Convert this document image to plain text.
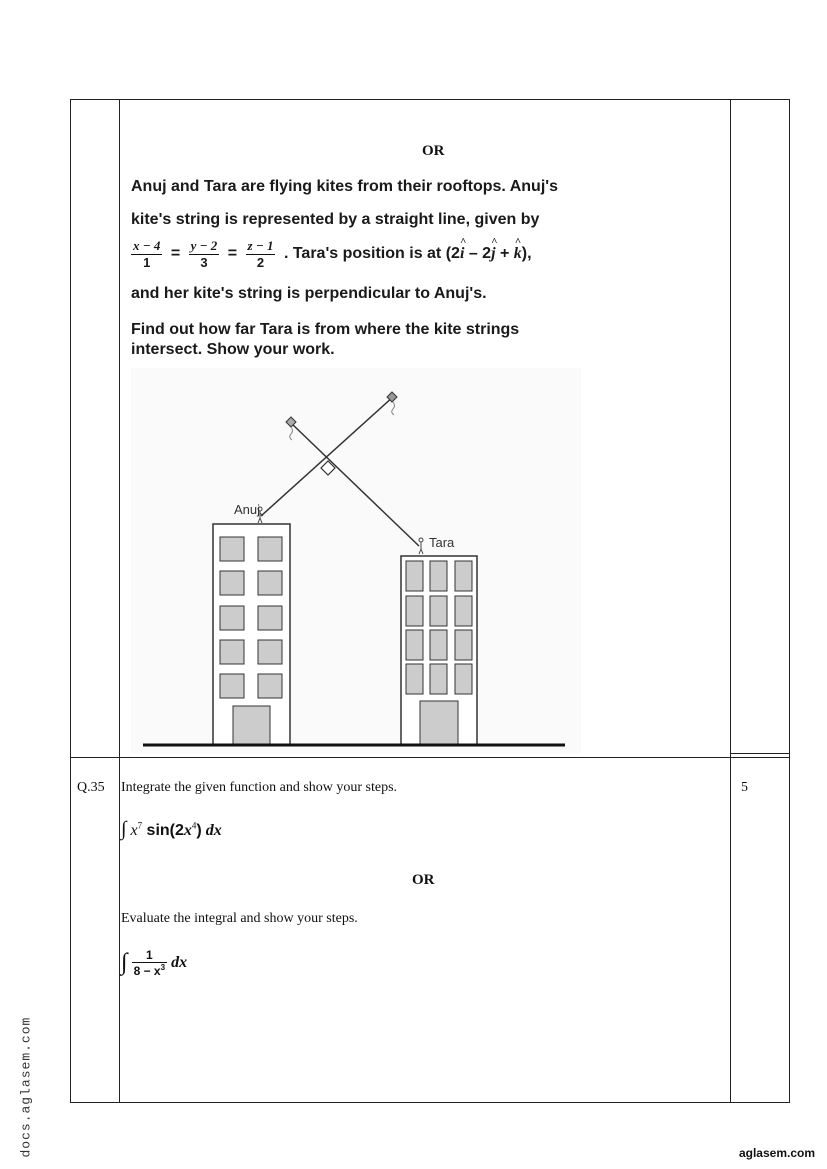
OR
Anuj and Tara are flying kites from their rooftops. Anuj's
kite's string is represented by a straight line, given by
$\frac{x - 4}{1} = \frac{y - 2}{3} = \frac{z - 1}{2}$ . Tara's position is at (2i
^
– 2j
^
+ k
^
),
and her kite's string is perpendicular to Anuj's.
Find out how far Tara is from where the kite strings
intersect. Show your work.
Anuj
Tara
Q.35	5
Integrate the given function and show your steps.
∫ $x^7$ $\sin(2x^4)$ dx
OR
Evaluate the integral and show your steps.
∫ $\frac{1}{8 - x^3}$ dx
docs.aglasem.com	aglasem.com
